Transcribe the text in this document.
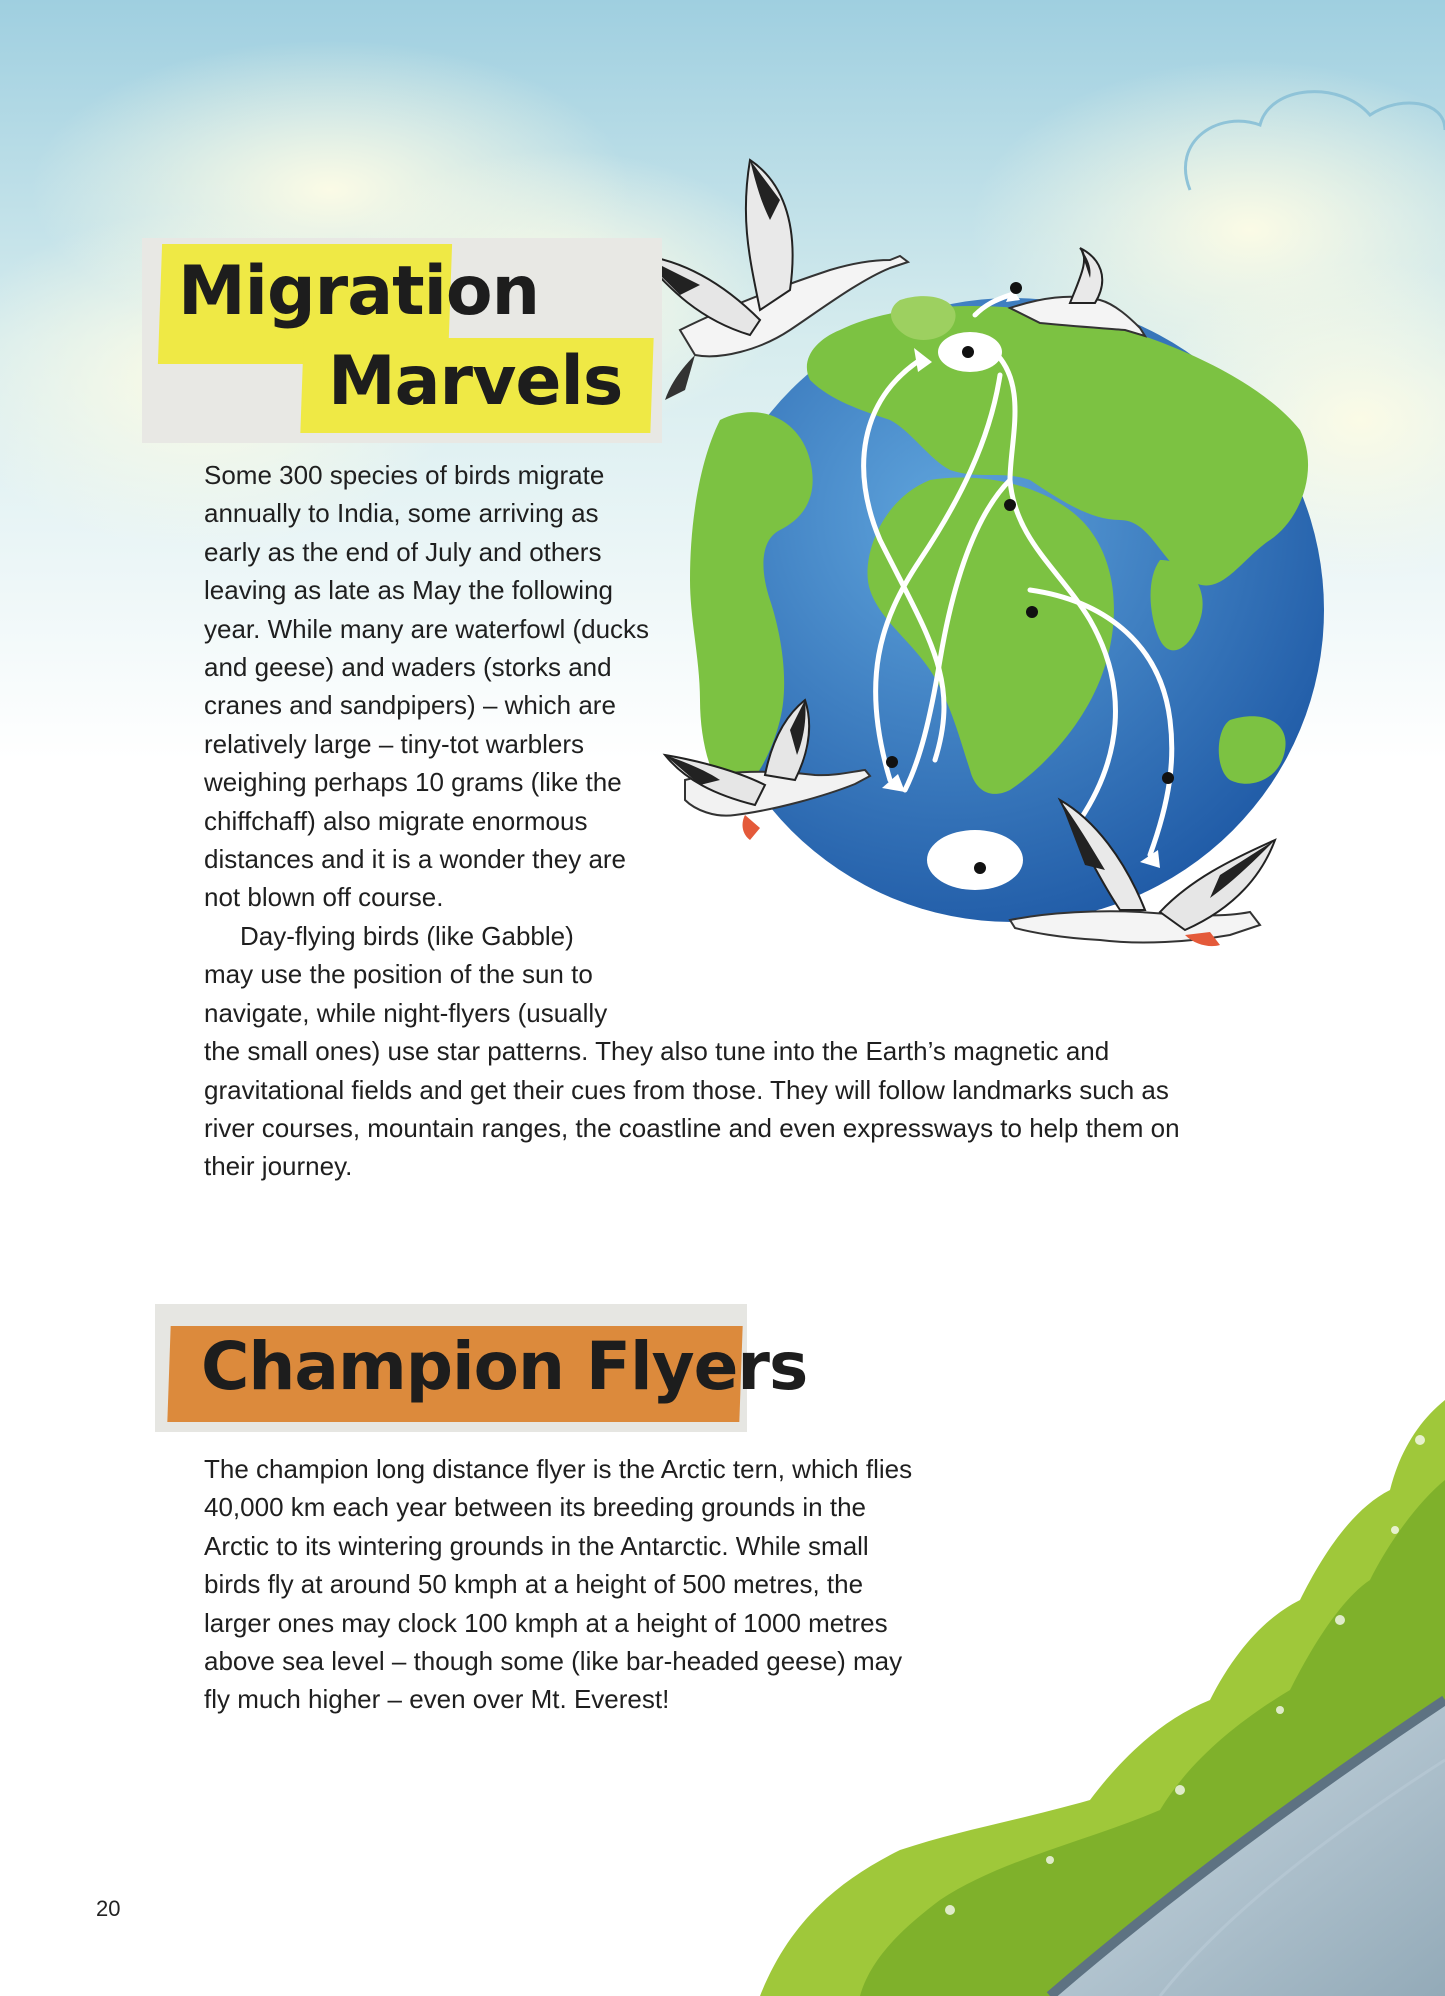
Migration
Marvels
Some 300 species of birds migrate
annually to India, some arriving as
early as the end of July and others
leaving as late as May the following
year. While many are waterfowl (ducks
and geese) and waders (storks and
cranes and sandpipers) – which are
relatively large – tiny-tot warblers
weighing perhaps 10 grams (like the
chiffchaff) also migrate enormous
distances and it is a wonder they are
not blown off course.
Day-flying birds (like Gabble)
may use the position of the sun to
navigate, while night-flyers (usually
the small ones) use star patterns. They also tune into the Earth’s magnetic and
gravitational fields and get their cues from those. They will follow landmarks such as
river courses, mountain ranges, the coastline and even expressways to help them on
their journey.
Champion Flyers
The champion long distance flyer is the Arctic tern, which flies
40,000 km each year between its breeding grounds in the
Arctic to its wintering grounds in the Antarctic. While small
birds fly at around 50 kmph at a height of 500 metres, the
larger ones may clock 100 kmph at a height of 1000 metres
above sea level – though some (like bar-headed geese) may
fly much higher – even over Mt. Everest!
20
